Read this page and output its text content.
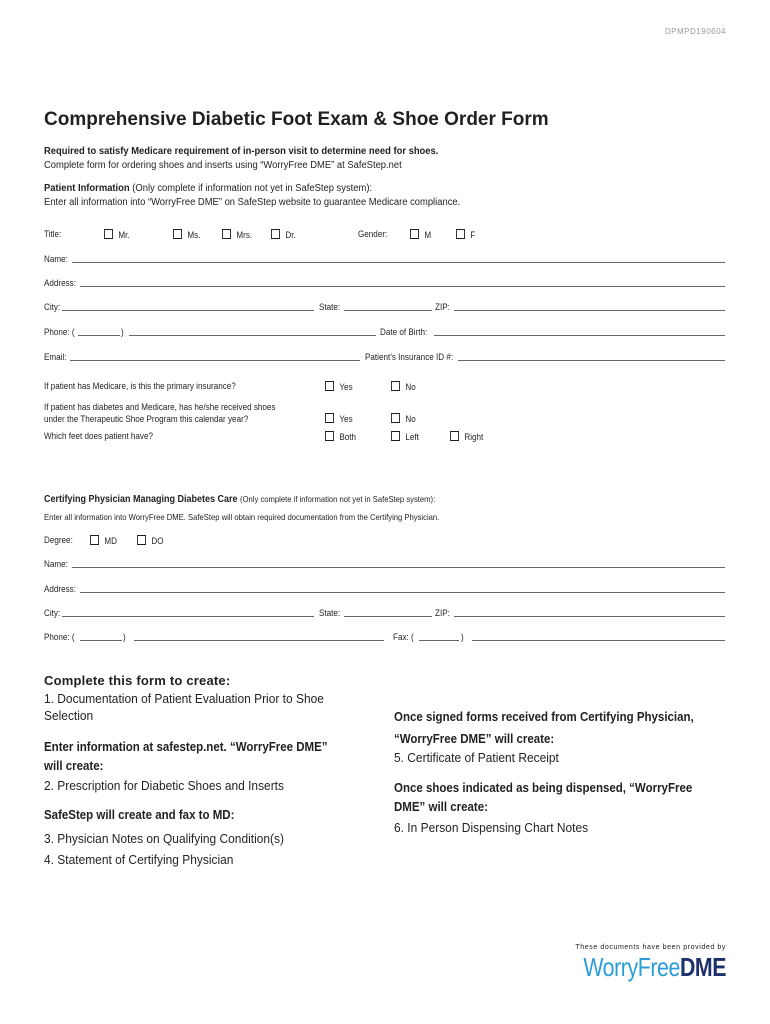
DPMPD190604
Comprehensive Diabetic Foot Exam & Shoe Order Form
Required to satisfy Medicare requirement of in-person visit to determine need for shoes.
Complete form for ordering shoes and inserts using “WorryFree DME” at SafeStep.net
Patient Information (Only complete if information not yet in SafeStep system):
Enter all information into “WorryFree DME” on SafeStep website to guarantee Medicare compliance.
Title:	Mr.	Ms.	Mrs.	Dr.	Gender:	M	F
Name:
Address:
City:	State:	ZIP:
Phone: (	)	Date of Birth:
Email:	Patient’s Insurance ID #:
If patient has Medicare, is this the primary insurance?	Yes	No
If patient has diabetes and Medicare, has he/she received shoes
under the Therapeutic Shoe Program this calendar year?	Yes	No
Which feet does patient have?	Both	Left	Right
Certifying Physician Managing Diabetes Care (Only complete if information not yet in SafeStep system):
Enter all information into WorryFree DME. SafeStep will obtain required documentation from the Certifying Physician.
Degree:	MD	DO
Name:
Address:
City:	State:	ZIP:
Phone: (	)	Fax: (	)
Complete this form to create:
1. Documentation of Patient Evaluation Prior to Shoe
Selection
Enter information at safestep.net. “WorryFree DME”
will create:
2. Prescription for Diabetic Shoes and Inserts
SafeStep will create and fax to MD:
3. Physician Notes on Qualifying Condition(s)
4. Statement of Certifying Physician
Once signed forms received from Certifying Physician,
“WorryFree DME” will create:
5. Certificate of Patient Receipt
Once shoes indicated as being dispensed, “WorryFree
DME” will create:
6. In Person Dispensing Chart Notes
These documents have been provided by
WorryFreeDME
